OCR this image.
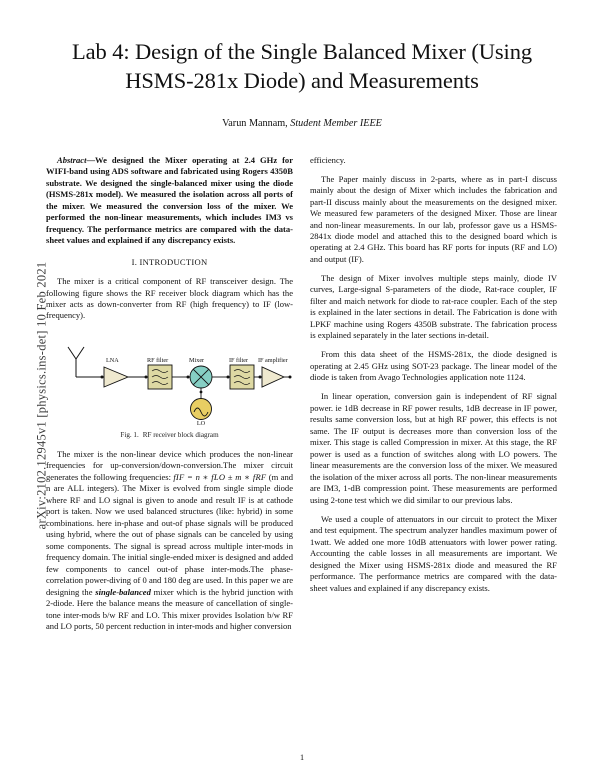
arXiv:2102.12945v1 [physics.ins-det] 10 Feb 2021
Lab 4: Design of the Single Balanced Mixer (Using HSMS-281x Diode) and Measurements
Varun Mannam, Student Member IEEE

Abstract—We designed the Mixer operating at 2.4 GHz for WIFI-band using ADS software and fabricated using Rogers 4350B substrate. We designed the single-balanced mixer using the diode (HSMS-281x model). We measured the isolation across all ports of the mixer. We measured the conversion loss of the mixer. We performed the non-linear measurements, which includes IM3 vs frequency. The performance metrics are compared with the data-sheet values and explained if any discrepancy exists.

I. INTRODUCTION

The mixer is a critical component of RF transceiver design. The following figure shows the RF receiver block diagram which has the mixer acts as down-converter from RF (high frequency) to IF (low-frequency).

LNA	RF filter	Mixer	IF filter IF amplifier
LO
Fig. 1. RF receiver block diagram

The mixer is the non-linear device which produces the non-linear frequencies for up-conversion/down-conversion.The mixer circuit generates the following frequencies: fIF = n ∗ fLO ± m ∗ fRF (m and n are ALL integers). The Mixer is evolved from single simple diode where RF and LO signal is given to anode and result IF is at cathode port is taken. Now we used balanced structures (like: hybrid) in some combinations. here in-phase and out-of phase signals will be produced using hybrid, where the out of phase signals can be canceled by using some components. The signal is spread across multiple inter-mods in frequency domain. The initial single-ended mixer is designed and added few components to cancel out-of phase inter-mods.The phase-correlation power-diving of 0 and 180 deg are used. In this paper we are designing the single-balanced mixer which is the hybrid junction with 2-diode. Here the balance means the measure of cancellation of single-tone inter-mods b/w RF and LO. This mixer provides Isolation b/w RF and LO ports, 50 percent reduction in inter-mods and higher conversion

efficiency.

The Paper mainly discuss in 2-parts, where as in part-I discuss mainly about the design of Mixer which includes the fabrication and part-II discuss mainly about the measurements on the designed mixer. We measured few parameters of the designed Mixer. Those are linear and non-linear measurements. In our lab, professor gave us a HSMS-2841x diode model and attached this to the designed board which is operating at 2.4 GHz. This board has RF ports for inputs (RF and LO) and output (IF).

The design of Mixer involves multiple steps mainly, diode IV curves, Large-signal S-parameters of the diode, Rat-race coupler, IF filter and maich network for diode to rat-race coupler. Each of the step is explained in the later sections in detail. The Fabrication is done with LPKF machine using Rogers 4350B substrate. The fabrication process is explained separately in the later sections in-detail.

From this data sheet of the HSMS-281x, the diode designed is operating at 2.45 GHz using SOT-23 package. The linear model of the diode is taken from Avago Technologies application note 1124.

In linear operation, conversion gain is independent of RF signal power. ie 1dB decrease in RF power results, 1dB decrease in IF power, results same conversion loss, but at high RF power, this effects is not same. The IF output is decreases more than conversion loss of the mixer. This stage is called Compression in mixer. At this stage, the RF power is used as a function of switches along with LO powers. The linear measurements are the conversion loss of the mixer. We measured the isolation of the mixer across all ports. The non-linear measurements are IM3, 1-dB compression point. These measurements are performed using 2-tone test which we did similar to our previous labs.

We used a couple of attenuators in our circuit to protect the Mixer and test equipment. The spectrum analyzer handles maximum power of 1watt. We added one more 10dB attenuators with lower power rating. Accounting the cable losses in all measurements are important. We designed the Mixer using HSMS-281x diode and measured the RF performance. The performance metrics are compared with the data-sheet values and explained if any discrepancy exists.

1
